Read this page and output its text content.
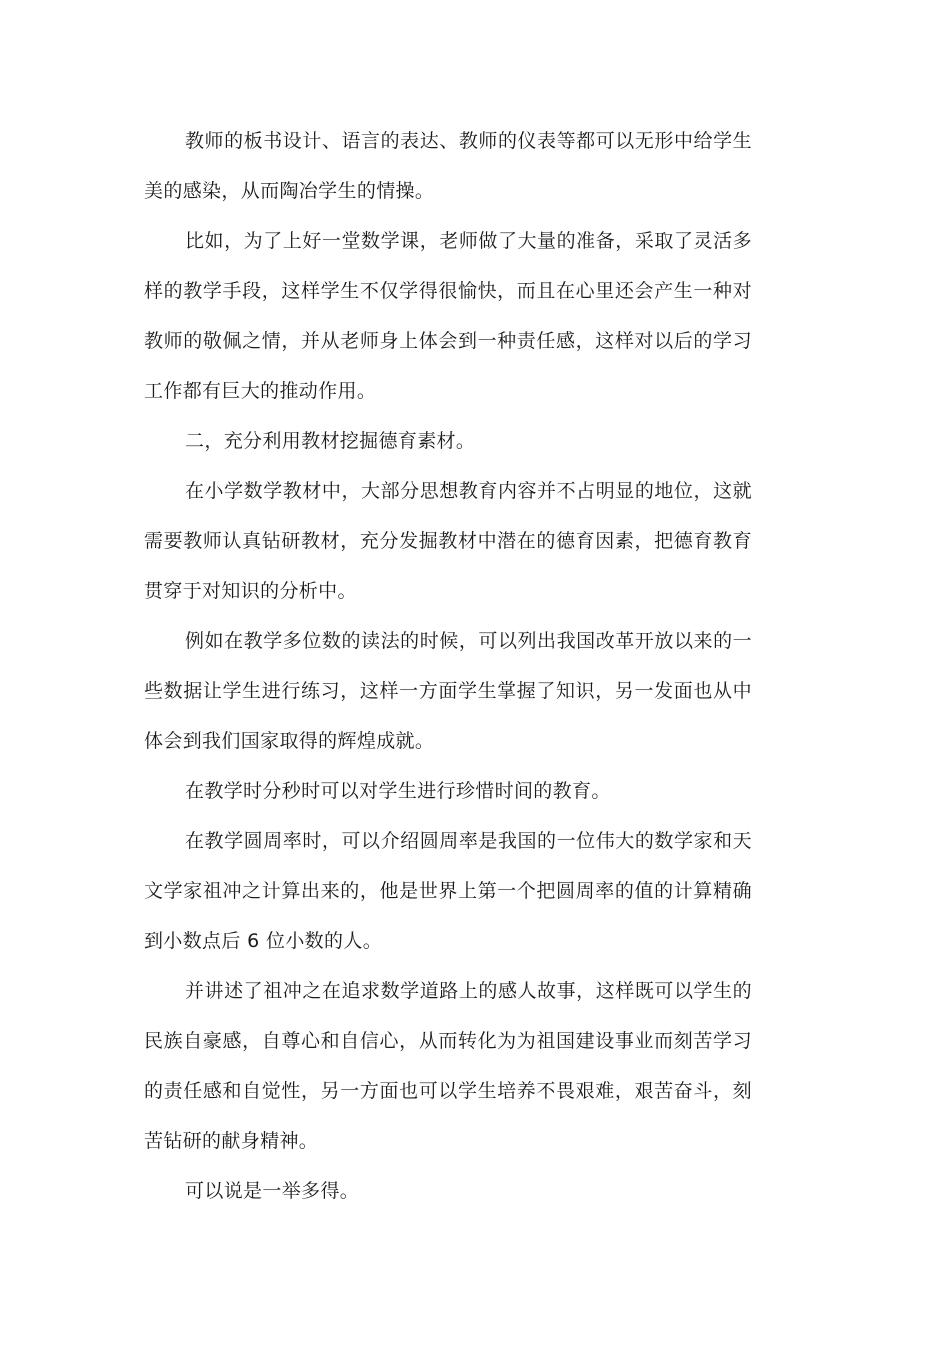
教师的板书设计、语言的表达、教师的仪表等都可以无形中给学生美的感染，从而陶冶学生的情操。

比如，为了上好一堂数学课，老师做了大量的准备，采取了灵活多样的教学手段，这样学生不仅学得很愉快，而且在心里还会产生一种对教师的敬佩之情，并从老师身上体会到一种责任感，这样对以后的学习工作都有巨大的推动作用。

二，充分利用教材挖掘德育素材。

在小学数学教材中，大部分思想教育内容并不占明显的地位，这就需要教师认真钻研教材，充分发掘教材中潜在的德育因素，把德育教育贯穿于对知识的分析中。

例如在教学多位数的读法的时候，可以列出我国改革开放以来的一些数据让学生进行练习，这样一方面学生掌握了知识，另一发面也从中体会到我们国家取得的辉煌成就。

在教学时分秒时可以对学生进行珍惜时间的教育。

在教学圆周率时，可以介绍圆周率是我国的一位伟大的数学家和天文学家祖冲之计算出来的，他是世界上第一个把圆周率的值的计算精确到小数点后 6 位小数的人。

并讲述了祖冲之在追求数学道路上的感人故事，这样既可以学生的民族自豪感，自尊心和自信心，从而转化为为祖国建设事业而刻苦学习的责任感和自觉性，另一方面也可以学生培养不畏艰难，艰苦奋斗，刻苦钻研的献身精神。

可以说是一举多得。
